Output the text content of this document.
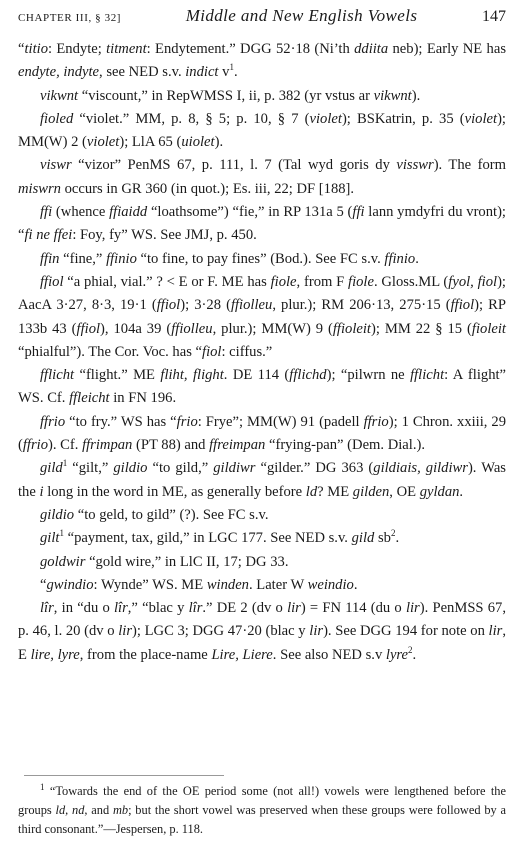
CHAPTER III, § 32]	Middle and New English Vowels	147

“titio: Endyte; titment: Endytement.” DGG 52·18 (Ni’th ddiita neb); Early NE has endyte, indyte, see NED s.v. indict $v^1$.

vikwnt “viscount,” in RepWMSS I, ii, p. 382 (yr vstus ar vikwnt).

fioled “violet.” MM, p. 8, § 5; p. 10, § 7 (violet); BSKatrin, p. 35 (violet); MM(W) 2 (violet); LlA 65 (uiolet).

viswr “vizor” PenMS 67, p. 111, l. 7 (Tal wyd goris dy visswr). The form miswrn occurs in GR 360 (in quot.); Es. iii, 22; DF [188].

ffi (whence ffiaidd “loathsome”) “fie,” in RP 131a 5 (ffi lann ymdyfri du vront); “fi ne ffei: Foy, fy” WS. See JMJ, p. 450.

ffin “fine,” ffinio “to fine, to pay fines” (Bod.). See FC s.v. ffinio.

ffiol “a phial, vial.” ? < E or F. ME has fiole, from F fiole. Gloss.ML (fyol, fiol); AacA 3·27, 8·3, 19·1 (ffiol); 3·28 (ffiolleu, plur.); RM 206·13, 275·15 (ffiol); RP 133b 43 (ffiol), 104a 39 (ffiolleu, plur.); MM(W) 9 (ffioleit); MM 22 § 15 (fioleit “phialful”). The Cor. Voc. has “fiol: ciffus.”

fflicht “flight.” ME fliht, flight. DE 114 (fflichd); “pilwrn ne fflicht: A flight” WS. Cf. ffleicht in FN 196.

ffrio “to fry.” WS has “frio: Frye”; MM(W) 91 (padell ffrio); 1 Chron. xxiii, 29 (ffrio). Cf. ffrimpan (PT 88) and ffreimpan “frying-pan” (Dem. Dial.).

gild$^1$ “gilt,” gildio “to gild,” gildiwr “gilder.” DG 363 (gildiais, gildiwr). Was the i long in the word in ME, as generally before ld? ME gilden, OE gyldan.

gildio “to geld, to gild” (?). See FC s.v.

gilt$^1$ “payment, tax, gild,” in LGC 177. See NED s.v. gild $sb^2$.

goldwir “gold wire,” in LlC II, 17; DG 33.

“gwindio: Wynde” WS. ME winden. Later W weindio.

lîr, in “du o lîr,” “blac y lîr.” DE 2 (dv o lir) = FN 114 (du o lir). PenMSS 67, p. 46, l. 20 (dv o lir); LGC 3; DGG 47·20 (blac y lir). See DGG 194 for note on lir, E lire, lyre, from the place-name Lire, Liere. See also NED s.v lyre$^2$.

$^1$ “Towards the end of the OE period some (not all!) vowels were lengthened before the groups ld, nd, and mb; but the short vowel was preserved when these groups were followed by a third consonant.”—Jespersen, p. 118.
